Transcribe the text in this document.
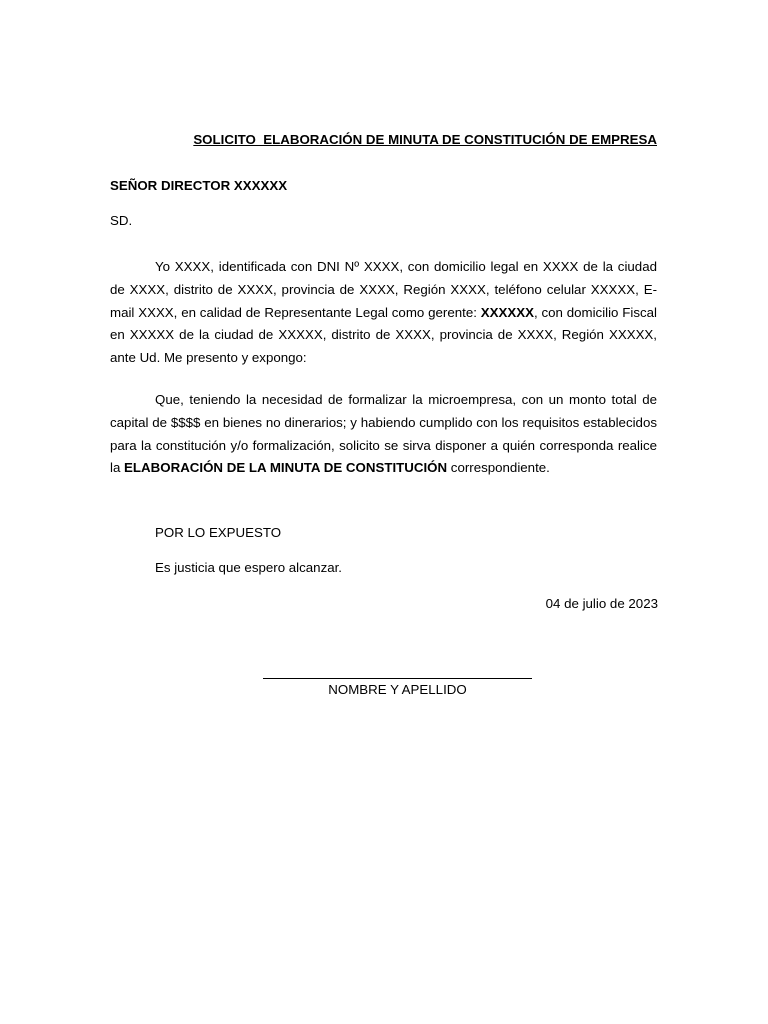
SOLICITO  ELABORACIÓN DE MINUTA DE CONSTITUCIÓN DE EMPRESA
SEÑOR DIRECTOR XXXXXX
SD.
Yo XXXX, identificada con DNI Nº XXXX, con domicilio legal en XXXX de la ciudad de XXXX, distrito de XXXX, provincia de XXXX, Región XXXX, teléfono celular XXXXX, E-mail XXXX, en calidad de Representante Legal como gerente: XXXXXX, con domicilio Fiscal en XXXXX de la ciudad de XXXXX, distrito de XXXX, provincia de XXXX, Región XXXXX, ante Ud. Me presento y expongo:
Que, teniendo la necesidad de formalizar la microempresa, con un monto total de capital de $$$$ en bienes no dinerarios; y habiendo cumplido con los requisitos establecidos para la constitución y/o formalización, solicito se sirva disponer a quién corresponda realice la ELABORACIÓN DE LA MINUTA DE CONSTITUCIÓN correspondiente.
POR LO EXPUESTO
Es justicia que espero alcanzar.
04 de julio de 2023
NOMBRE Y APELLIDO
